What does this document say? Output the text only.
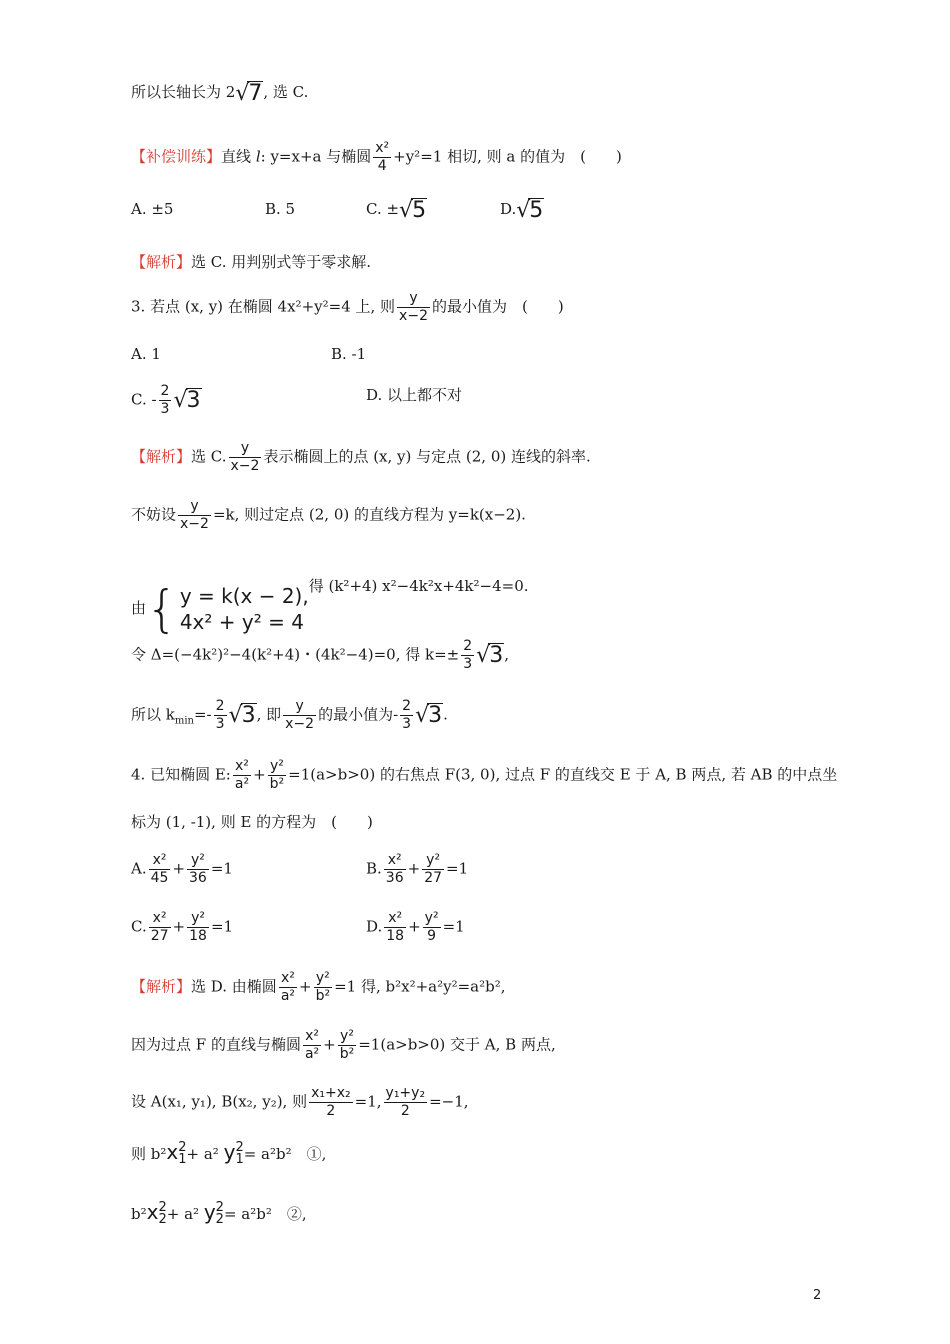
所以长轴长为 2√7, 选 C.
【补偿训练】直线 l: y=x+a 与椭圆 $\frac{\text{x²}}{4} +y^2=1$ 相切, 则 a 的值为　(　　)
A. ±5	B. 5	C. ±√5	D.√5
【解析】选 C. 用判别式等于零求解.
3. 若点 (x, y) 在椭圆 4x²+y²=4 上, 则 $\frac{y}{x-2}$ 的最小值为　(　　)
A. 1	B. -1
C. - $\frac{2}{3} √3$	D. 以上都不对
【解析】选 C. $\frac{y}{x-2}$ 表示椭圆上的点 (x, y) 与定点 (2, 0) 连线的斜率.
不妨设 $\frac{y}{x-2} =k$, 则过定点 (2, 0) 的直线方程为 y=k(x−2).
由 { y = k(x − 2),
4x² + y² = 4
得 (k²+4) x²−4k²x+4k²−4=0.
令 Δ=(−4k²)²−4(k²+4)・(4k²−4)=0, 得 $k=\pm \frac{2}{3} √3$,
所以 $k_{min}=- \frac{2}{3} √3$, 即 $\frac{y}{x-2}$ 的最小值为- $\frac{2}{3} √3$.
4. 已知椭圆 E: $\frac{\text{x²}}{\text{a²}} + \frac{\text{y²}}{\text{b²}} =1(a>b>0)$ 的右焦点 F(3, 0), 过点 F 的直线交 E 于 A, B 两点, 若 AB 的中点坐
标为 (1, -1), 则 E 的方程为　(　　)
A. $\frac{\text{x²}}{45} + \frac{\text{y²}}{36} =1$	B. $\frac{\text{x²}}{36} + \frac{\text{y²}}{27} =1$
C. $\frac{\text{x²}}{27} + \frac{\text{y²}}{18} =1$	D. $\frac{\text{x²}}{18} + \frac{\text{y²}}{9} =1$
【解析】选 D. 由椭圆 $\frac{\text{x²}}{\text{a²}} + \frac{\text{y²}}{\text{b²}} =1$ 得, b²x²+a²y²=a²b²,
因为过点 F 的直线与椭圆 $\frac{\text{x²}}{\text{a²}} + \frac{\text{y²}}{\text{b²}} =1(a>b>0)$ 交于 A, B 两点,
设 A(x₁, y₁), B(x₂, y₂), 则 $\frac{\text{x₁+x₂}}{2} =1$, $\frac{\text{y₁+y₂}}{2} =-1$,
则 b²x 2
1 + a² y 2
1 = a²b²　①,
b²x 2
2 + a² y 2
2 = a²b²　②,
2
